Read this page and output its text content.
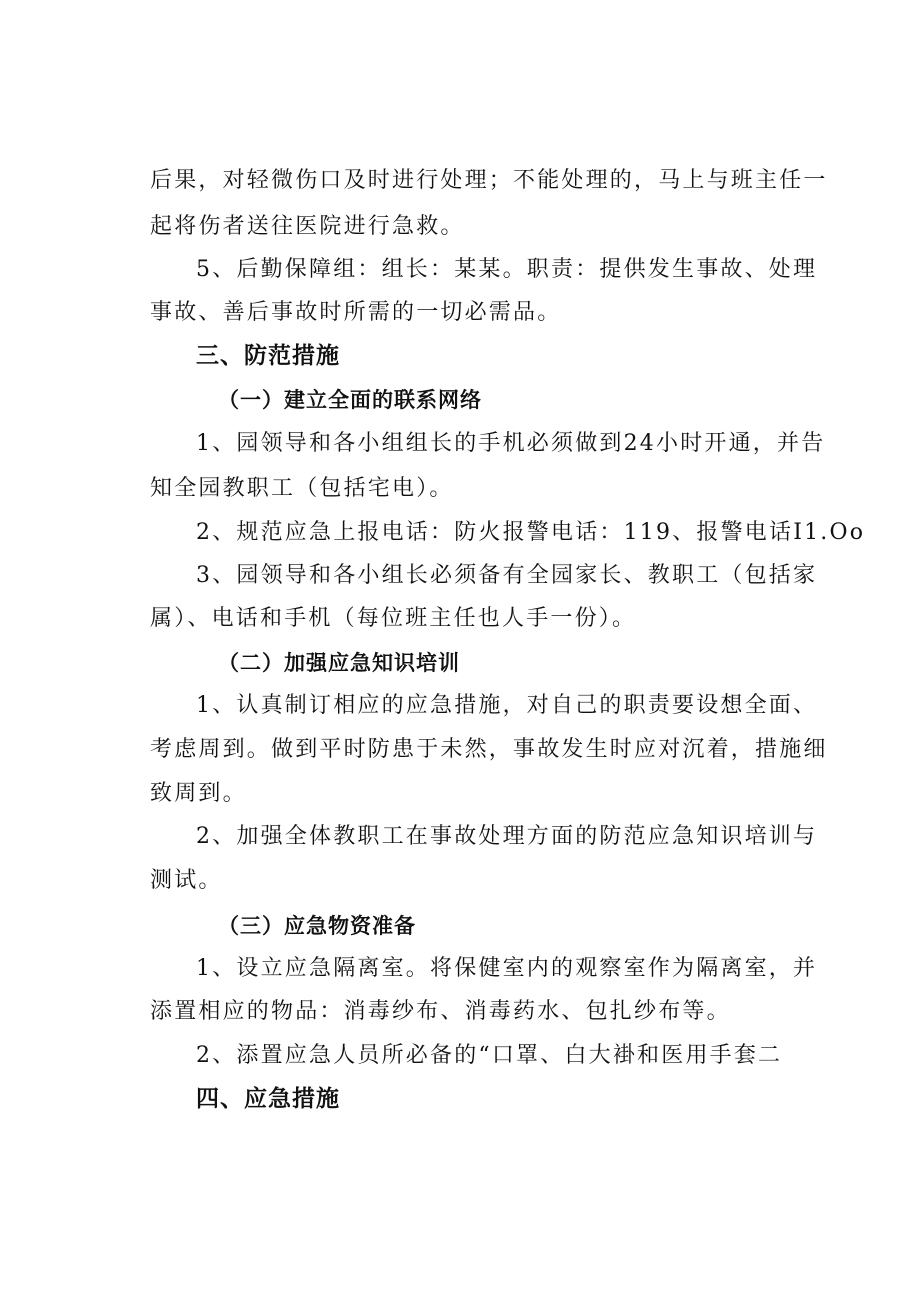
后果，对轻微伤口及时进行处理；不能处理的，马上与班主任一
起将伤者送往医院进行急救。
5、后勤保障组：组长：某某。职责：提供发生事故、处理
事故、善后事故时所需的一切必需品。
三、防范措施
（一）建立全面的联系网络
1、园领导和各小组组长的手机必须做到24小时开通，并告
知全园教职工（包括宅电）。
2、规范应急上报电话：防火报警电话：119、报警电话I1.Oo
3、园领导和各小组长必须备有全园家长、教职工（包括家
属）、电话和手机（每位班主任也人手一份）。
（二）加强应急知识培训
1、认真制订相应的应急措施，对自己的职责要设想全面、
考虑周到。做到平时防患于未然，事故发生时应对沉着，措施细
致周到。
2、加强全体教职工在事故处理方面的防范应急知识培训与
测试。
（三）应急物资准备
1、设立应急隔离室。将保健室内的观察室作为隔离室，并
添置相应的物品：消毒纱布、消毒药水、包扎纱布等。
2、添置应急人员所必备的“口罩、白大褂和医用手套二
四、应急措施
